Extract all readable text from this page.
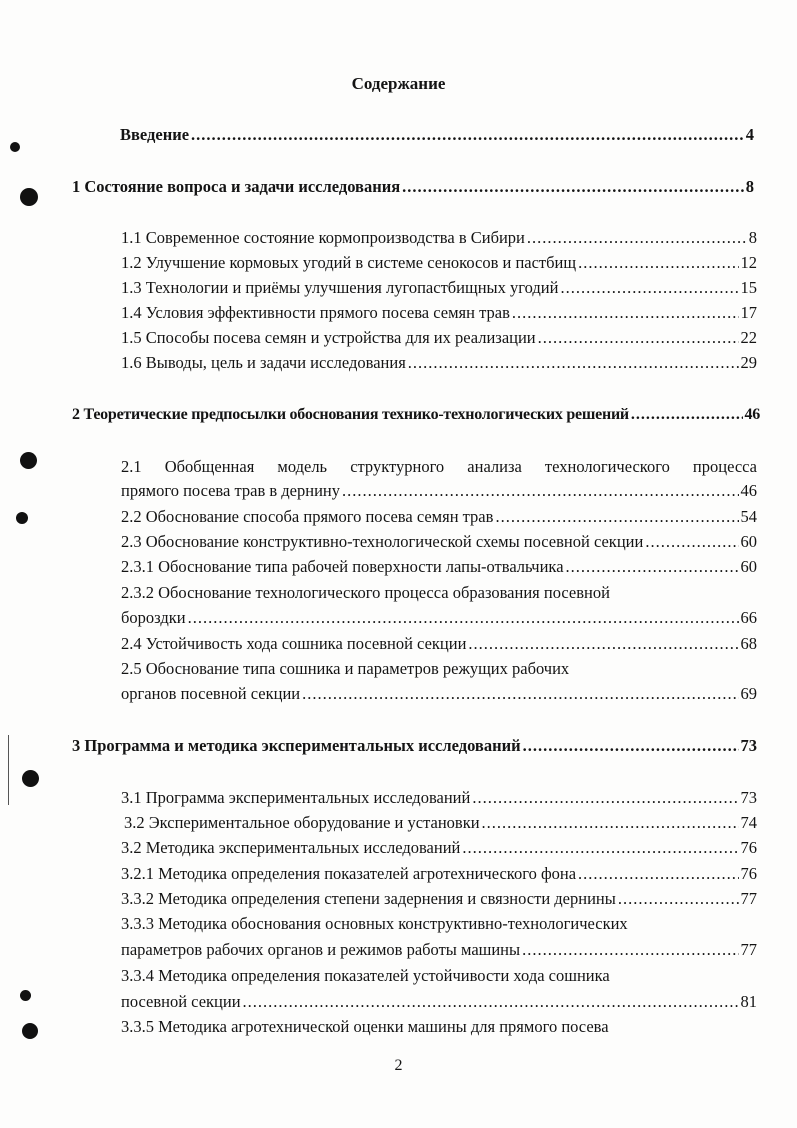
Содержание
Введение .....	4
1 Состояние вопроса и задачи исследования .....	8
1.1 Современное состояние кормопроизводства в Сибири .....	8
1.2 Улучшение кормовых угодий в системе сенокосов и пастбищ .....	12
1.3 Технологии и приёмы улучшения лугопастбищных угодий .....	15
1.4 Условия эффективности прямого посева семян трав .....	17
1.5 Способы посева семян и устройства для их реализации .....	22
1.6 Выводы, цель и задачи исследования .....	29
2 Теоретические предпосылки обоснования технико-технологических решений .....	46
2.1 Обобщенная модель структурного анализа технологического процесса
прямого посева трав в дернину .....	46
2.2 Обоснование способа прямого посева семян трав .....	54
2.3 Обоснование конструктивно-технологической схемы посевной секции .....	60
2.3.1 Обоснование типа рабочей поверхности лапы-отвальчика .....	60
2.3.2 Обоснование технологического процесса образования посевной
бороздки .....	66
2.4 Устойчивость хода сошника посевной секции .....	68
2.5 Обоснование типа сошника и параметров режущих рабочих
органов посевной секции .....	69
3 Программа и методика экспериментальных исследований .....	73
3.1 Программа экспериментальных исследований .....	73
3.2 Экспериментальное оборудование и установки .....	74
3.2 Методика экспериментальных исследований .....	76
3.2.1 Методика определения показателей агротехнического фона .....	76
3.3.2 Методика определения степени задернения и связности дернины .....	77
3.3.3 Методика обоснования основных конструктивно-технологических
параметров рабочих органов и режимов работы машины .....	77
3.3.4 Методика определения показателей устойчивости хода сошника
посевной секции .....	81
3.3.5 Методика агротехнической оценки машины для прямого посева
2
